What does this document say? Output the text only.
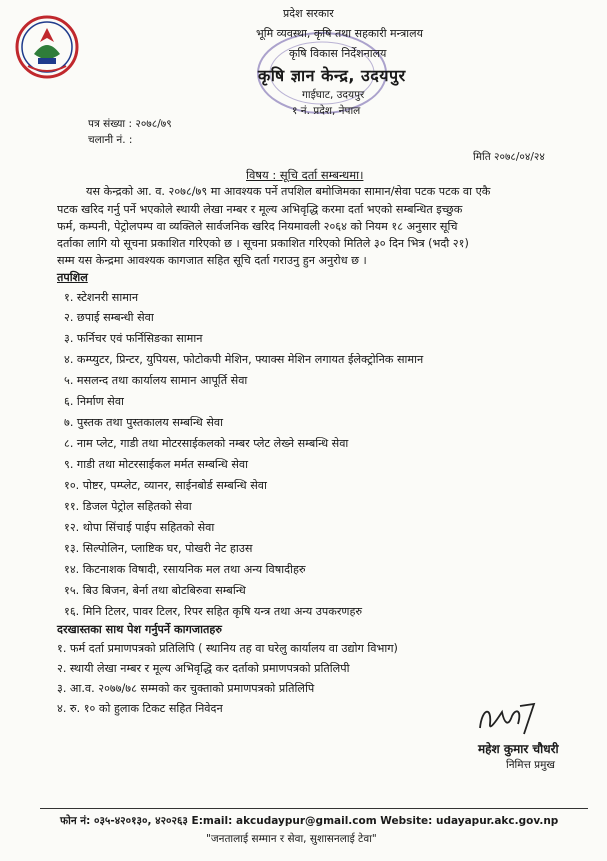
प्रदेश सरकार
भूमि व्यवस्था, कृषि तथा सहकारी मन्त्रालय
कृषि विकास निर्देशनालय
कृषि ज्ञान केन्द्र, उदयपुर
गाईघाट, उदयपुर
१ नं. प्रदेश, नेपाल
पत्र संख्या : २०७८/७९
चलानी नं. :
मिति २०७८/०४/२४
विषय : सूचि दर्ता सम्बन्धमा।
यस केन्द्रको आ. व. २०७८/७९ मा आवश्यक पर्ने तपशिल बमोजिमका सामान/सेवा पटक पटक वा एकै
पटक खरिद गर्नु पर्ने भएकोले स्थायी लेखा नम्बर र मूल्य अभिवृद्धि करमा दर्ता भएको सम्बन्धित इच्छुक
फर्म, कम्पनी, पेट्रोलपम्प वा व्यक्तिले सार्वजनिक खरिद नियमावली २०६४ को नियम १८ अनुसार सूचि
दर्ताका लागि यो सूचना प्रकाशित गरिएको छ । सूचना प्रकाशित गरिएको मितिले ३० दिन भित्र (भदौ २१)
सम्म यस केन्द्रमा आवश्यक कागजात सहित सूचि दर्ता गराउनु हुन अनुरोध छ ।
तपशिल
१. स्टेशनरी सामान
२. छपाई सम्बन्धी सेवा
३. फर्निचर एवं फर्निसिङका सामान
४. कम्प्युटर, प्रिन्टर, युपियस, फोटोकपी मेशिन, फ्याक्स मेशिन लगायत ईलेक्ट्रोनिक सामान
५. मसलन्द तथा कार्यालय सामान आपूर्ति सेवा
६. निर्माण सेवा
७. पुस्तक तथा पुस्तकालय सम्बन्धि सेवा
८. नाम प्लेट, गाडी तथा मोटरसाईकलको नम्बर प्लेट लेख्ने सम्बन्धि सेवा
९. गाडी तथा मोटरसाईकल मर्मत सम्बन्धि सेवा
१०. पोष्टर, पम्प्लेट, व्यानर, साईनबोर्ड सम्बन्धि सेवा
११. डिजल पेट्रोल सहितको सेवा
१२. थोपा सिंचाई पाईप सहितको सेवा
१३. सिल्पोलिन, प्लाष्टिक घर, पोखरी नेट हाउस
१४. किटनाशक विषादी, रसायनिक मल तथा अन्य विषादीहरु
१५. बिउ बिजन, बेर्ना तथा बोटबिरुवा सम्बन्धि
१६. मिनि टिलर, पावर टिलर, रिपर सहित कृषि यन्त्र तथा अन्य उपकरणहरु
दरखास्तका साथ पेश गर्नुपर्ने कागजातहरु
१. फर्म दर्ता प्रमाणपत्रको प्रतिलिपि ( स्थानिय तह वा घरेलु कार्यालय वा उद्योग विभाग)
२. स्थायी लेखा नम्बर र मूल्य अभिवृद्धि कर दर्ताको प्रमाणपत्रको प्रतिलिपी
३. आ.व. २०७७/७८ सम्मको कर चुक्ताको प्रमाणपत्रको प्रतिलिपि
४. रु. १० को हुलाक टिकट सहित निवेदन
महेश कुमार चौधरी
निमित्त प्रमुख
फोन नं: ०३५-४२०१३०, ४२०२६३ E:mail: akcudaypur@gmail.com Website: udayapur.akc.gov.np
"जनतालाई सम्मान र सेवा, सुशासनलाई टेवा"
